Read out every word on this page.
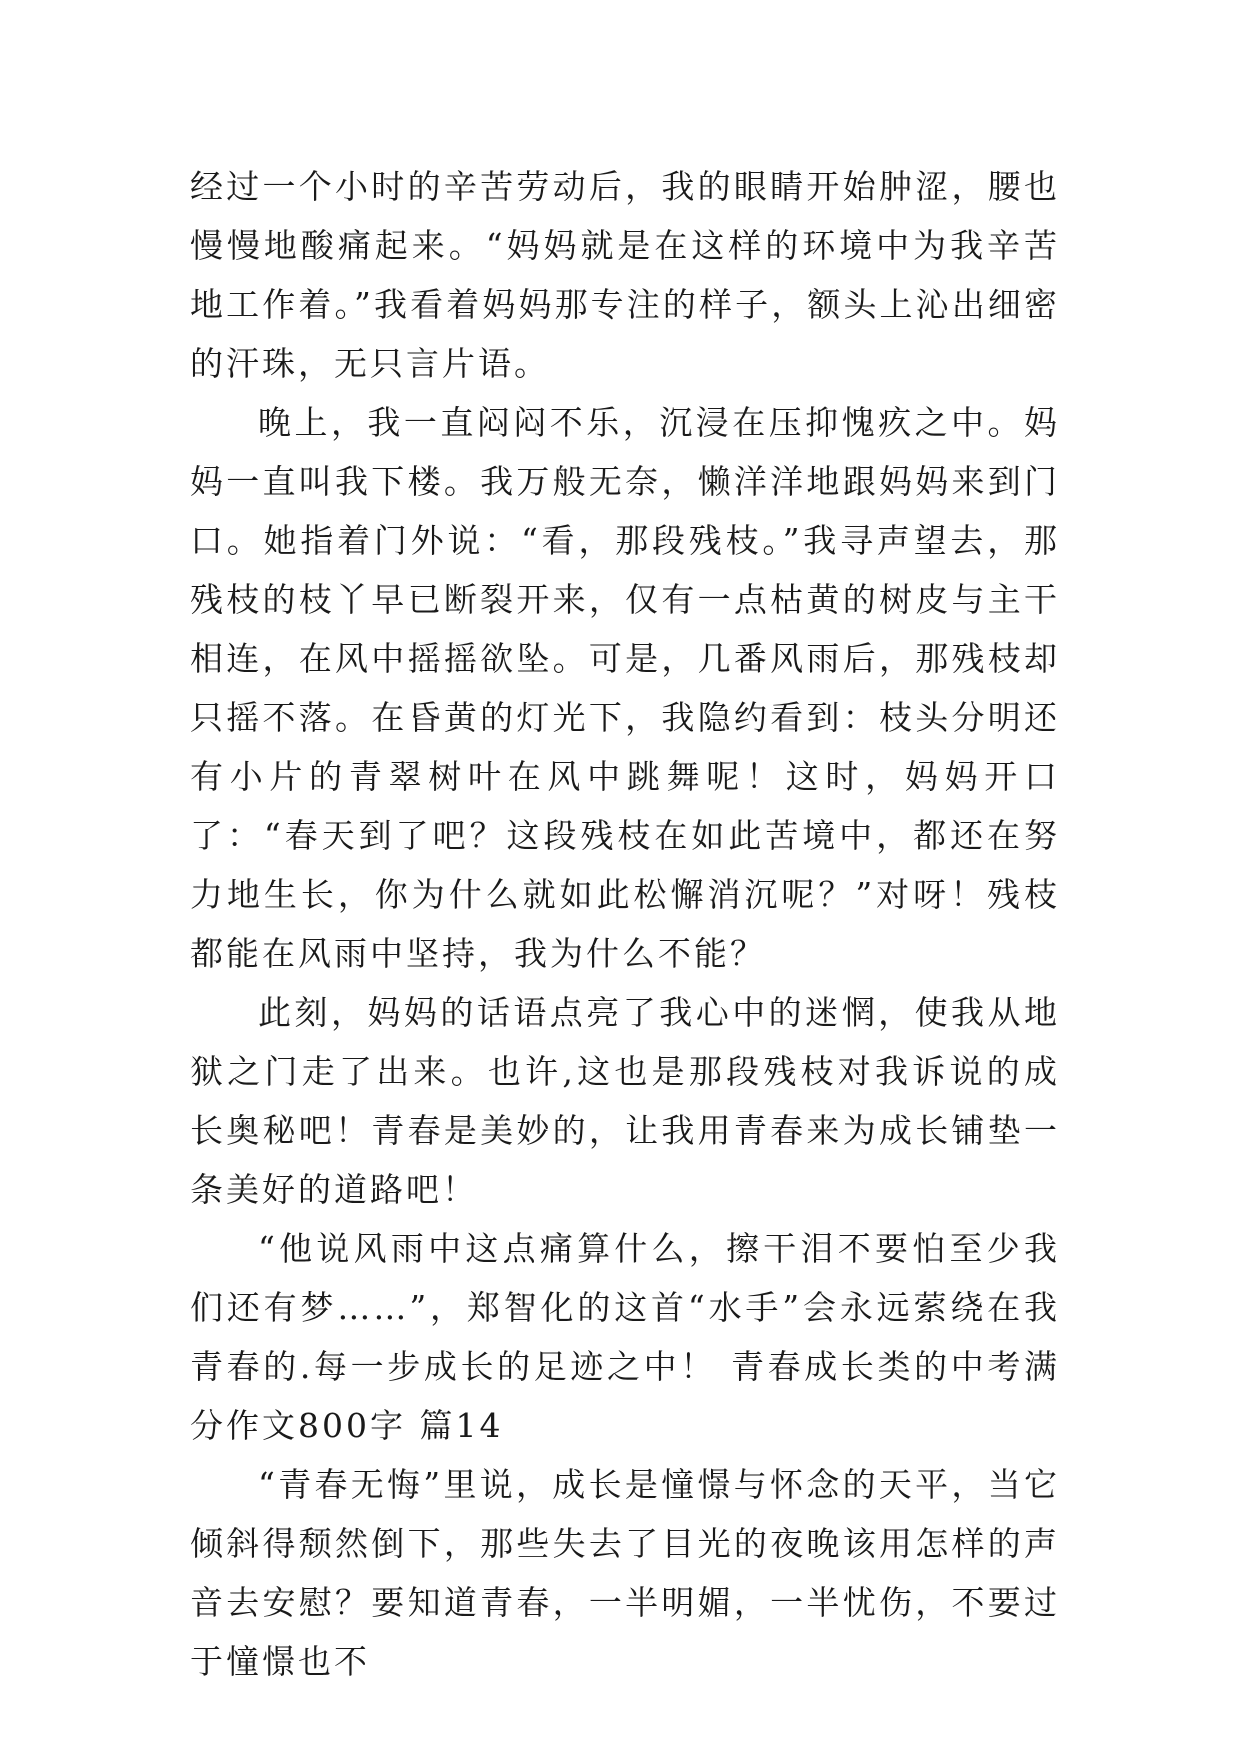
经过一个小时的辛苦劳动后，我的眼睛开始肿涩，腰也慢慢地酸痛起来。“妈妈就是在这样的环境中为我辛苦地工作着。”我看着妈妈那专注的样子，额头上沁出细密的汗珠，无只言片语。

晚上，我一直闷闷不乐，沉浸在压抑愧疚之中。妈妈一直叫我下楼。我万般无奈，懒洋洋地跟妈妈来到门口。她指着门外说：“看，那段残枝。”我寻声望去，那残枝的枝丫早已断裂开来，仅有一点枯黄的树皮与主干相连，在风中摇摇欲坠。可是，几番风雨后，那残枝却只摇不落。在昏黄的灯光下，我隐约看到：枝头分明还有小片的青翠树叶在风中跳舞呢！这时，妈妈开口了：“春天到了吧？这段残枝在如此苦境中，都还在努力地生长，你为什么就如此松懈消沉呢？”对呀！残枝都能在风雨中坚持，我为什么不能？

此刻，妈妈的话语点亮了我心中的迷惘，使我从地狱之门走了出来。也许,这也是那段残枝对我诉说的成长奥秘吧！青春是美妙的，让我用青春来为成长铺垫一条美好的道路吧！

“他说风雨中这点痛算什么，擦干泪不要怕至少我们还有梦……”，郑智化的这首“水手”会永远萦绕在我青春的.每一步成长的足迹之中！ 青春成长类的中考满分作文800字 篇14

“青春无悔”里说，成长是憧憬与怀念的天平，当它倾斜得颓然倒下，那些失去了目光的夜晚该用怎样的声音去安慰？要知道青春，一半明媚，一半忧伤，不要过于憧憬也不
